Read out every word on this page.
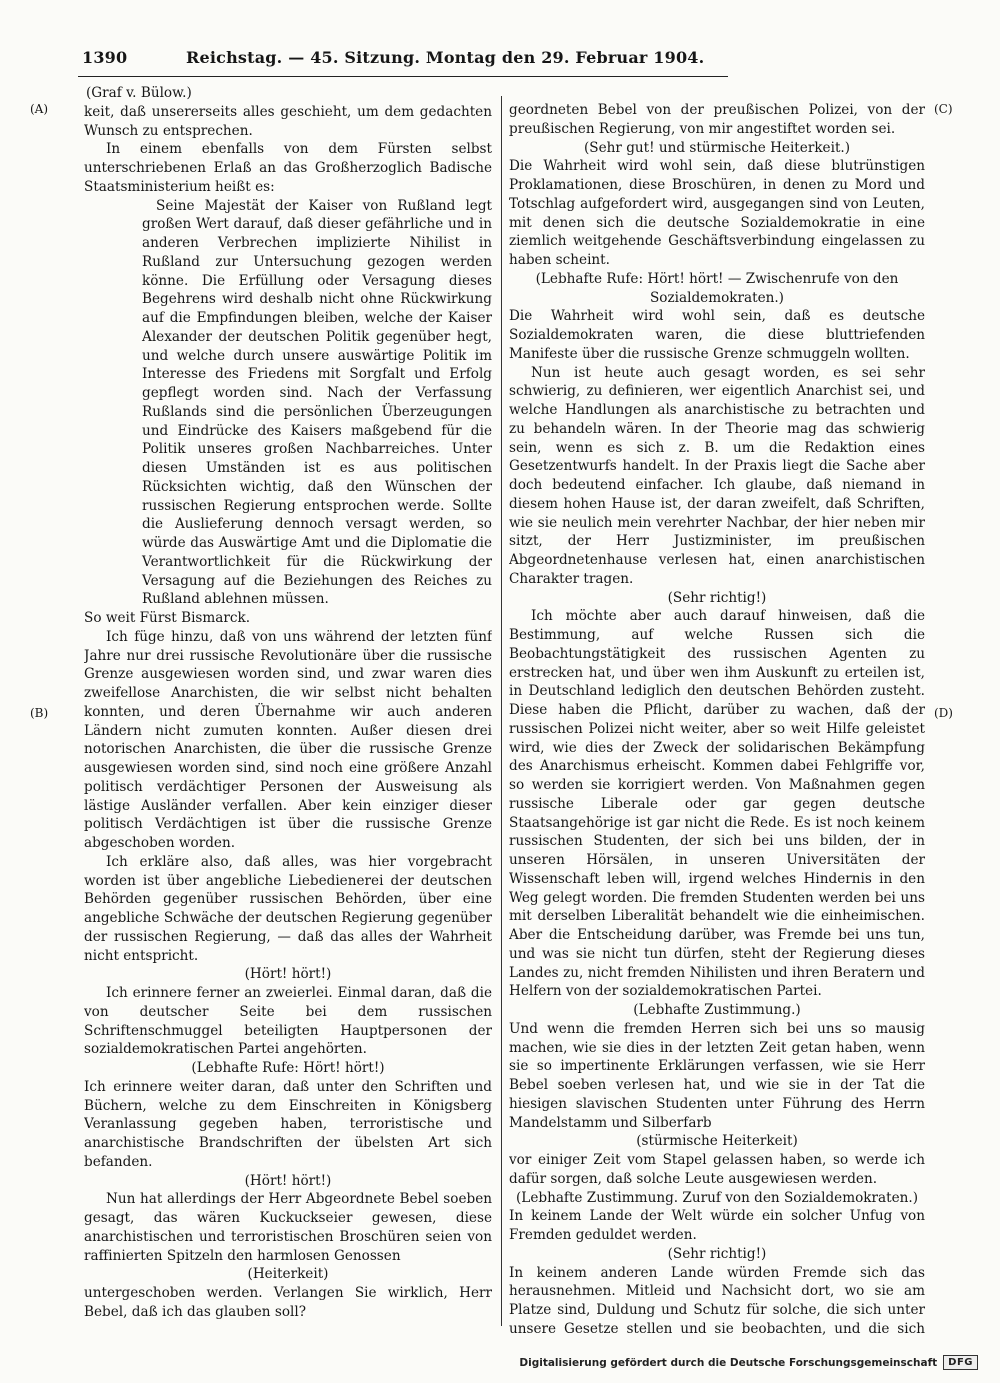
1390	Reichstag. — 45. Sitzung. Montag den 29. Februar 1904.
(A)
(B)
(C)
(D)

(Graf v. Bülow.)

keit, daß unsererseits alles geschieht, um dem gedachten Wunsch zu entsprechen.

In einem ebenfalls von dem Fürsten selbst unterschriebenen Erlaß an das Großherzoglich Badische Staatsministerium heißt es:

Seine Majestät der Kaiser von Rußland legt großen Wert darauf, daß dieser gefährliche und in anderen Verbrechen implizierte Nihilist in Rußland zur Untersuchung gezogen werden könne. Die Erfüllung oder Versagung dieses Begehrens wird deshalb nicht ohne Rückwirkung auf die Empfindungen bleiben, welche der Kaiser Alexander der deutschen Politik gegenüber hegt, und welche durch unsere auswärtige Politik im Interesse des Friedens mit Sorgfalt und Erfolg gepflegt worden sind. Nach der Verfassung Rußlands sind die persönlichen Überzeugungen und Eindrücke des Kaisers maßgebend für die Politik unseres großen Nachbarreiches. Unter diesen Umständen ist es aus politischen Rücksichten wichtig, daß den Wünschen der russischen Regierung entsprochen werde. Sollte die Auslieferung dennoch versagt werden, so würde das Auswärtige Amt und die Diplomatie die Verantwortlichkeit für die Rückwirkung der Versagung auf die Beziehungen des Reiches zu Rußland ablehnen müssen.

So weit Fürst Bismarck.

Ich füge hinzu, daß von uns während der letzten fünf Jahre nur drei russische Revolutionäre über die russische Grenze ausgewiesen worden sind, und zwar waren dies zweifellose Anarchisten, die wir selbst nicht behalten konnten, und deren Übernahme wir auch anderen Ländern nicht zumuten konnten. Außer diesen drei notorischen Anarchisten, die über die russische Grenze ausgewiesen worden sind, sind noch eine größere Anzahl politisch verdächtiger Personen der Ausweisung als lästige Ausländer verfallen. Aber kein einziger dieser politisch Verdächtigen ist über die russische Grenze abgeschoben worden.

Ich erkläre also, daß alles, was hier vorgebracht worden ist über angebliche Liebedienerei der deutschen Behörden gegenüber russischen Behörden, über eine angebliche Schwäche der deutschen Regierung gegenüber der russischen Regierung, — daß das alles der Wahrheit nicht entspricht.

(Hört! hört!)

Ich erinnere ferner an zweierlei. Einmal daran, daß die von deutscher Seite bei dem russischen Schriftenschmuggel beteiligten Hauptpersonen der sozialdemokratischen Partei angehörten.

(Lebhafte Rufe: Hört! hört!)

Ich erinnere weiter daran, daß unter den Schriften und Büchern, welche zu dem Einschreiten in Königsberg Veranlassung gegeben haben, terroristische und anarchistische Brandschriften der übelsten Art sich befanden.

(Hört! hört!)

Nun hat allerdings der Herr Abgeordnete Bebel soeben gesagt, das wären Kuckuckseier gewesen, diese anarchistischen und terroristischen Broschüren seien von raffinierten Spitzeln den harmlosen Genossen

(Heiterkeit)

untergeschoben werden. Verlangen Sie wirklich, Herr Bebel, daß ich das glauben soll?

geordneten Bebel von der preußischen Polizei, von der preußischen Regierung, von mir angestiftet worden sei.

(Sehr gut! und stürmische Heiterkeit.)

Die Wahrheit wird wohl sein, daß diese blutrünstigen Proklamationen, diese Broschüren, in denen zu Mord und Totschlag aufgefordert wird, ausgegangen sind von Leuten, mit denen sich die deutsche Sozialdemokratie in eine ziemlich weitgehende Geschäftsverbindung eingelassen zu haben scheint.

(Lebhafte Rufe: Hört! hört! — Zwischenrufe von den Sozialdemokraten.)

Die Wahrheit wird wohl sein, daß es deutsche Sozialdemokraten waren, die diese bluttriefenden Manifeste über die russische Grenze schmuggeln wollten.

Nun ist heute auch gesagt worden, es sei sehr schwierig, zu definieren, wer eigentlich Anarchist sei, und welche Handlungen als anarchistische zu betrachten und zu behandeln wären. In der Theorie mag das schwierig sein, wenn es sich z. B. um die Redaktion eines Gesetzentwurfs handelt. In der Praxis liegt die Sache aber doch bedeutend einfacher. Ich glaube, daß niemand in diesem hohen Hause ist, der daran zweifelt, daß Schriften, wie sie neulich mein verehrter Nachbar, der hier neben mir sitzt, der Herr Justizminister, im preußischen Abgeordnetenhause verlesen hat, einen anarchistischen Charakter tragen.

(Sehr richtig!)

Ich möchte aber auch darauf hinweisen, daß die Bestimmung, auf welche Russen sich die Beobachtungstätigkeit des russischen Agenten zu erstrecken hat, und über wen ihm Auskunft zu erteilen ist, in Deutschland lediglich den deutschen Behörden zusteht. Diese haben die Pflicht, darüber zu wachen, daß der russischen Polizei nicht weiter, aber so weit Hilfe geleistet wird, wie dies der Zweck der solidarischen Bekämpfung des Anarchismus erheischt. Kommen dabei Fehlgriffe vor, so werden sie korrigiert werden. Von Maßnahmen gegen russische Liberale oder gar gegen deutsche Staatsangehörige ist gar nicht die Rede. Es ist noch keinem russischen Studenten, der sich bei uns bilden, der in unseren Hörsälen, in unseren Universitäten der Wissenschaft leben will, irgend welches Hindernis in den Weg gelegt worden. Die fremden Studenten werden bei uns mit derselben Liberalität behandelt wie die einheimischen. Aber die Entscheidung darüber, was Fremde bei uns tun, und was sie nicht tun dürfen, steht der Regierung dieses Landes zu, nicht fremden Nihilisten und ihren Beratern und Helfern von der sozialdemokratischen Partei.

(Lebhafte Zustimmung.)

Und wenn die fremden Herren sich bei uns so mausig machen, wie sie dies in der letzten Zeit getan haben, wenn sie so impertinente Erklärungen verfassen, wie sie Herr Bebel soeben verlesen hat, und wie sie in der Tat die hiesigen slavischen Studenten unter Führung des Herrn Mandelstamm und Silberfarb

(stürmische Heiterkeit)

vor einiger Zeit vom Stapel gelassen haben, so werde ich dafür sorgen, daß solche Leute ausgewiesen werden.

(Lebhafte Zustimmung. Zuruf von den Sozialdemokraten.)

In keinem Lande der Welt würde ein solcher Unfug von Fremden geduldet werden.

(Sehr richtig!)

In keinem anderen Lande würden Fremde sich das herausnehmen. Mitleid und Nachsicht dort, wo sie am Platze sind, Duldung und Schutz für solche, die sich unter unsere Gesetze stellen und sie beobachten, und die sich

Digitalisierung gefördert durch die Deutsche Forschungsgemeinschaft	DFG
